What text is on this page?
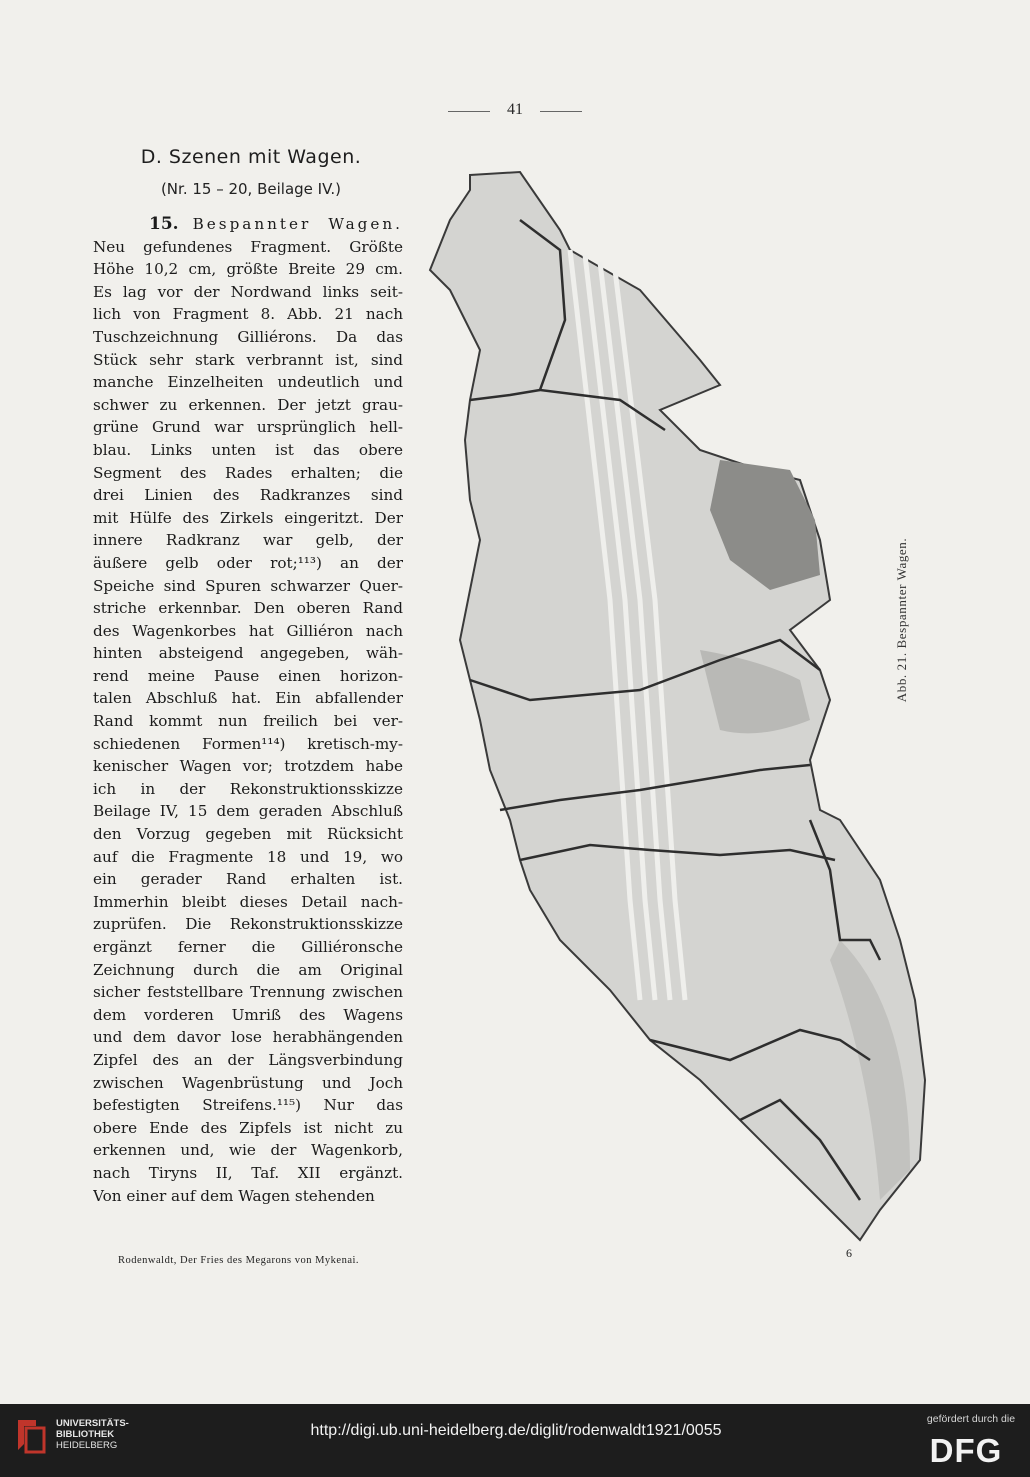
41
D. Szenen mit Wagen.
(Nr. 15 – 20, Beilage IV.)
15. Bespannter Wagen.
Neu gefundenes Fragment. Größte
Höhe 10,2 cm, größte Breite 29 cm.
Es lag vor der Nordwand links seit-
lich von Fragment 8. Abb. 21 nach
Tuschzeichnung Gilliérons. Da das
Stück sehr stark verbrannt ist, sind
manche Einzelheiten undeutlich und
schwer zu erkennen. Der jetzt grau-
grüne Grund war ursprünglich hell-
blau. Links unten ist das obere
Segment des Rades erhalten; die
drei Linien des Radkranzes sind
mit Hülfe des Zirkels eingeritzt. Der
innere Radkranz war gelb, der
äußere gelb oder rot;¹¹³) an der
Speiche sind Spuren schwarzer Quer-
striche erkennbar. Den oberen Rand
des Wagenkorbes hat Gilliéron nach
hinten absteigend angegeben, wäh-
rend meine Pause einen horizon-
talen Abschluß hat. Ein abfallender
Rand kommt nun freilich bei ver-
schiedenen Formen¹¹⁴) kretisch-my-
kenischer Wagen vor; trotzdem habe
ich in der Rekonstruktionsskizze
Beilage IV, 15 dem geraden Abschluß
den Vorzug gegeben mit Rücksicht
auf die Fragmente 18 und 19, wo
ein gerader Rand erhalten ist.
Immerhin bleibt dieses Detail nach-
zuprüfen. Die Rekonstruktionsskizze
ergänzt ferner die Gilliéronsche
Zeichnung durch die am Original
sicher feststellbare Trennung zwischen
dem vorderen Umriß des Wagens
und dem davor lose herabhängenden
Zipfel des an der Längsverbindung
zwischen Wagenbrüstung und Joch
befestigten Streifens.¹¹⁵) Nur das
obere Ende des Zipfels ist nicht zu
erkennen und, wie der Wagenkorb,
nach Tiryns II, Taf. XII ergänzt.
Von einer auf dem Wagen stehenden
Abb. 21. Bespannter Wagen.
Rodenwaldt, Der Fries des Megarons von Mykenai.
6
UNIVERSITÄTS-
BIBLIOTHEK
HEIDELBERG
http://digi.ub.uni-heidelberg.de/diglit/rodenwaldt1921/0055
gefördert durch die
DFG
